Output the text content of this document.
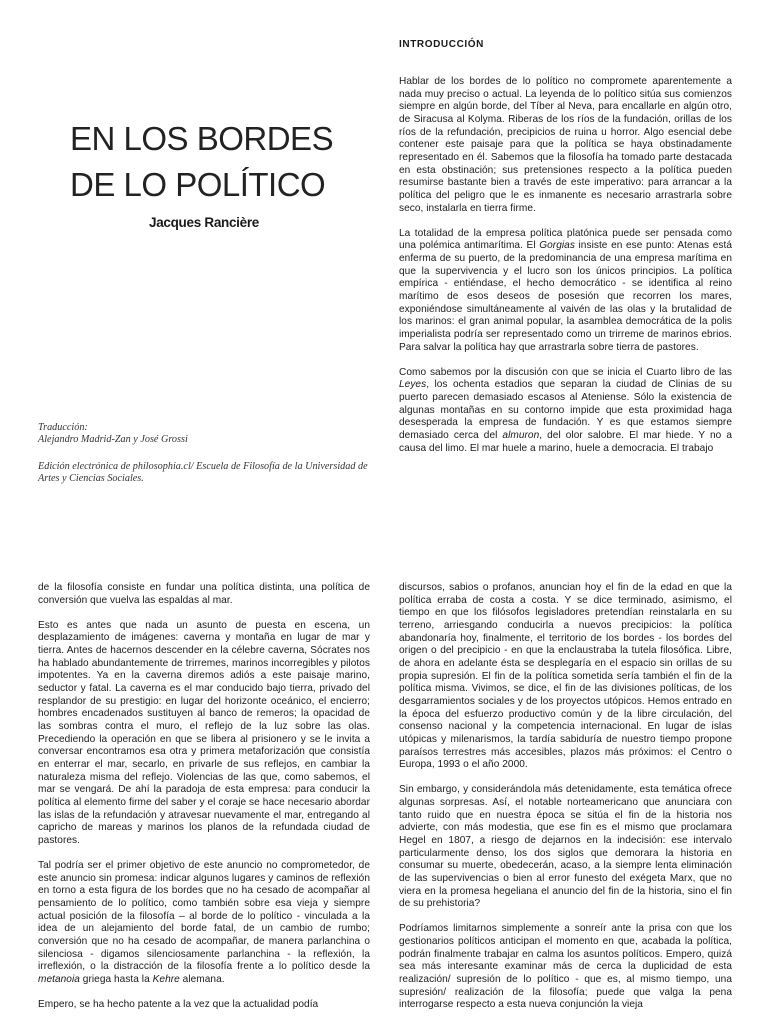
INTRODUCCIÓN
EN LOS BORDES
DE LO POLÍTICO
Jacques Rancière
Traducción:
Alejandro Madrid-Zan y José Grossi
Edición electrónica de philosophia.cl/ Escuela de Filosofía de la Universidad de Artes y Ciencias Sociales.

Hablar de los bordes de lo político no compromete aparentemente a nada muy preciso o actual. La leyenda de lo político sitúa sus comienzos siempre en algún borde, del Tíber al Neva, para encallarle en algún otro, de Siracusa al Kolyma. Riberas de los ríos de la fundación, orillas de los ríos de la refundación, precipicios de ruina u horror. Algo esencial debe contener este paisaje para que la política se haya obstinadamente representado en él. Sabemos que la filosofía ha tomado parte destacada en esta obstinación; sus pretensiones respecto a la política pueden resumirse bastante bien a través de este imperativo: para arrancar a la política del peligro que le es inmanente es necesario arrastrarla sobre seco, instalarla en tierra firme.

La totalidad de la empresa política platónica puede ser pensada como una polémica antimarítima. El Gorgias insiste en ese punto: Atenas está enferma de su puerto, de la predominancia de una empresa marítima en que la supervivencia y el lucro son los únicos principios. La política empírica - entiéndase, el hecho democrático - se identifica al reino marítimo de esos deseos de posesión que recorren los mares, exponiéndose simultáneamente al vaivén de las olas y la brutalidad de los marinos: el gran animal popular, la asamblea democrática de la polis imperialista podría ser representado como un trirreme de marinos ebrios. Para salvar la política hay que arrastrarla sobre tierra de pastores.

Como sabemos por la discusión con que se inicia el Cuarto libro de las Leyes, los ochenta estadios que separan la ciudad de Clinias de su puerto parecen demasiado escasos al Ateniense. Sólo la existencia de algunas montañas en su contorno impide que esta proximidad haga desesperada la empresa de fundación. Y es que estamos siempre demasiado cerca del almuron, del olor salobre. El mar hiede. Y no a causa del limo. El mar huele a marino, huele a democracia. El trabajo

de la filosofía consiste en fundar una política distinta, una política de conversión que vuelva las espaldas al mar.

Esto es antes que nada un asunto de puesta en escena, un desplazamiento de imágenes: caverna y montaña en lugar de mar y tierra. Antes de hacernos descender en la célebre caverna, Sócrates nos ha hablado abundantemente de trirremes, marinos incorregibles y pilotos impotentes. Ya en la caverna diremos adiós a este paisaje marino, seductor y fatal. La caverna es el mar conducido bajo tierra, privado del resplandor de su prestigio: en lugar del horizonte oceánico, el encierro; hombres encadenados sustituyen al banco de remeros; la opacidad de las sombras contra el muro, el reflejo de la luz sobre las olas. Precediendo la operación en que se libera al prisionero y se le invita a conversar encontramos esa otra y primera metaforización que consistía en enterrar el mar, secarlo, en privarle de sus reflejos, en cambiar la naturaleza misma del reflejo. Violencias de las que, como sabemos, el mar se vengará. De ahí la paradoja de esta empresa: para conducir la política al elemento firme del saber y el coraje se hace necesario abordar las islas de la refundación y atravesar nuevamente el mar, entregando al capricho de mareas y marinos los planos de la refundada ciudad de pastores.

Tal podría ser el primer objetivo de este anuncio no comprometedor, de este anuncio sin promesa: indicar algunos lugares y caminos de reflexión en torno a esta figura de los bordes que no ha cesado de acompañar al pensamiento de lo político, como también sobre esa vieja y siempre actual posición de la filosofía – al borde de lo político - vinculada a la idea de un alejamiento del borde fatal, de un cambio de rumbo; conversión que no ha cesado de acompañar, de manera parlanchina o silenciosa - digamos silenciosamente parlanchina - la reflexión, la irreflexión, o la distracción de la filosofía frente a lo político desde la metanoia griega hasta la Kehre alemana.

Empero, se ha hecho patente a la vez que la actualidad podía

discursos, sabios o profanos, anuncian hoy el fin de la edad en que la política erraba de costa a costa. Y se dice terminado, asimismo, el tiempo en que los filósofos legisladores pretendían reinstalarla en su terreno, arriesgando conducirla a nuevos precipicios: la política abandonaría hoy, finalmente, el territorio de los bordes - los bordes del origen o del precipicio - en que la enclaustraba la tutela filosófica. Libre, de ahora en adelante ésta se desplegaría en el espacio sin orillas de su propia supresión. El fin de la política sometida sería también el fin de la política misma. Vivimos, se dice, el fin de las divisiones políticas, de los desgarramientos sociales y de los proyectos utópicos. Hemos entrado en la época del esfuerzo productivo común y de la libre circulación, del consenso nacional y la competencia internacional. En lugar de islas utópicas y milenarismos, la tardía sabiduría de nuestro tiempo propone paraísos terrestres más accesibles, plazos más próximos: el Centro o Europa, 1993 o el año 2000.

Sin embargo, y considerándola más detenidamente, esta temática ofrece algunas sorpresas. Así, el notable norteamericano que anunciara con tanto ruido que en nuestra época se sitúa el fin de la historia nos advierte, con más modestia, que ese fin es el mismo que proclamara Hegel en 1807, a riesgo de dejarnos en la indecisión: ese intervalo particularmente denso, los dos siglos que demorara la historia en consumar su muerte, obedecerán, acaso, a la siempre lenta eliminación de las supervivencias o bien al error funesto del exégeta Marx, que no viera en la promesa hegeliana el anuncio del fin de la historia, sino el fin de su prehistoria?

Podríamos limitarnos simplemente a sonreír ante la prisa con que los gestionarios políticos anticipan el momento en que, acabada la política, podrán finalmente trabajar en calma los asuntos políticos. Empero, quizá sea más interesante examinar más de cerca la duplicidad de esta realización/ supresión de lo político - que es, al mismo tiempo, una supresión/ realización de la filosofía; puede que valga la pena interrogarse respecto a esta nueva conjunción la vieja
